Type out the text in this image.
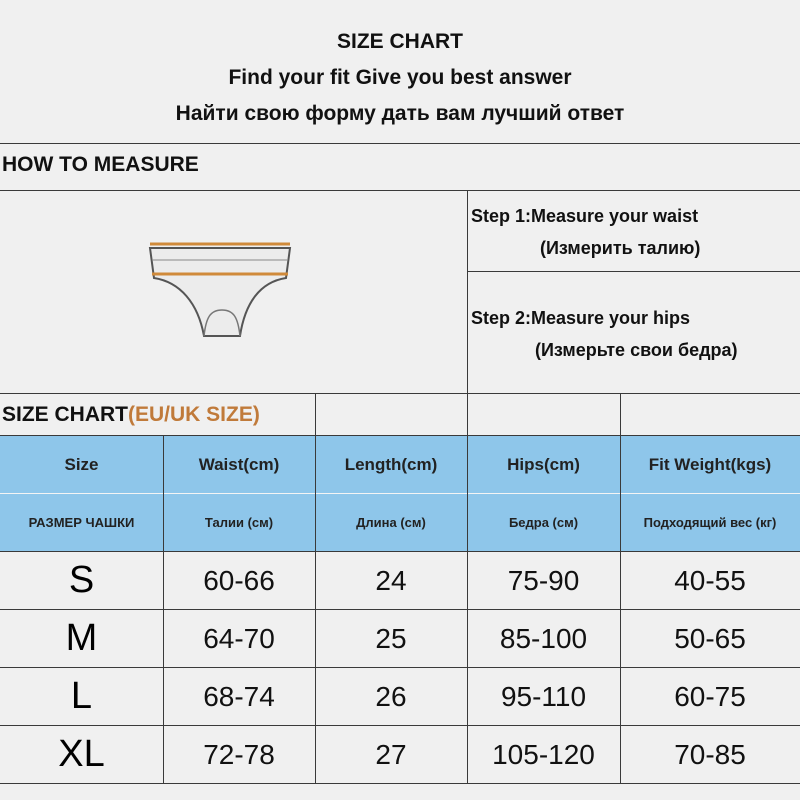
SIZE CHART
Find your fit Give you best answer
Найти свою форму дать вам лучший ответ
HOW TO MEASURE
Step 1:Measure your waist
(Измерить талию)
Step 2:Measure your hips
(Измерьте свои бедра)
SIZE CHART(EU/UK SIZE)
Size	Waist(cm)	Length(cm)	Hips(cm)	Fit Weight(kgs)
РАЗМЕР ЧАШКИ	Талии (см)	Длина (см)	Бедра (см)	Подходящий вес (кг)
S	60-66	24	75-90	40-55
M	64-70	25	85-100	50-65
L	68-74	26	95-110	60-75
XL	72-78	27	105-120	70-85
